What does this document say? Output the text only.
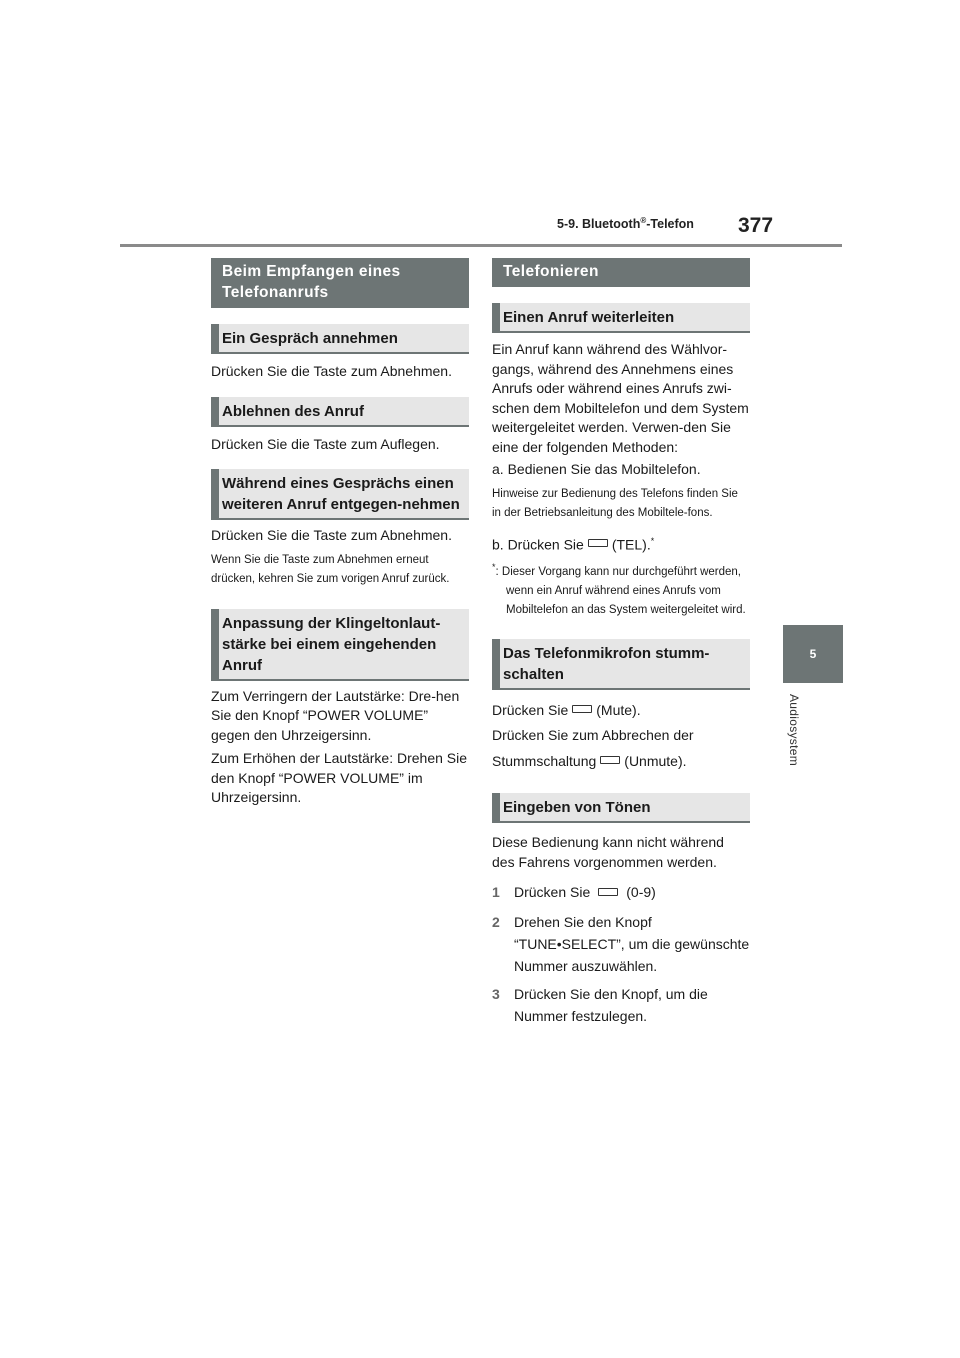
5-9. Bluetooth®-Telefon 377
5
Audiosystem
Beim Empfangen eines Telefonanrufs
Ein Gespräch annehmen

Drücken Sie die Taste zum Abnehmen.

Ablehnen des Anruf

Drücken Sie die Taste zum Auflegen.

Während eines Gesprächs einen weiteren Anruf entgegen-nehmen

Drücken Sie die Taste zum Abnehmen.

Wenn Sie die Taste zum Abnehmen erneut drücken, kehren Sie zum vorigen Anruf zurück.

Anpassung der Klingeltonlaut-stärke bei einem eingehenden Anruf

Zum Verringern der Lautstärke: Dre-hen Sie den Knopf “POWER VOLUME” gegen den Uhrzeigersinn.

Zum Erhöhen der Lautstärke: Drehen Sie den Knopf “POWER VOLUME” im Uhrzeigersinn.

Telefonieren
Einen Anruf weiterleiten

Ein Anruf kann während des Wählvor-gangs, während des Annehmens eines Anrufs oder während eines Anrufs zwi-schen dem Mobiltelefon und dem System weitergeleitet werden. Verwen-den Sie eine der folgenden Methoden:

a. Bedienen Sie das Mobiltelefon.

Hinweise zur Bedienung des Telefons finden Sie in der Betriebsanleitung des Mobiltele-fons.

b. Drücken Sie (TEL).*

*: Dieser Vorgang kann nur durchgeführt werden, wenn ein Anruf während eines Anrufs vom Mobiltelefon an das System weitergeleitet wird.

Das Telefonmikrofon stumm-schalten

Drücken Sie (Mute).

Drücken Sie zum Abbrechen der

Stummschaltung (Unmute).

Eingeben von Tönen

Diese Bedienung kann nicht während des Fahrens vorgenommen werden.

1	Drücken Sie	(0-9)
2	Drehen Sie den Knopf “TUNE•SELECT”, um die gewünschte Nummer auszuwählen.
3	Drücken Sie den Knopf, um die Nummer festzulegen.
